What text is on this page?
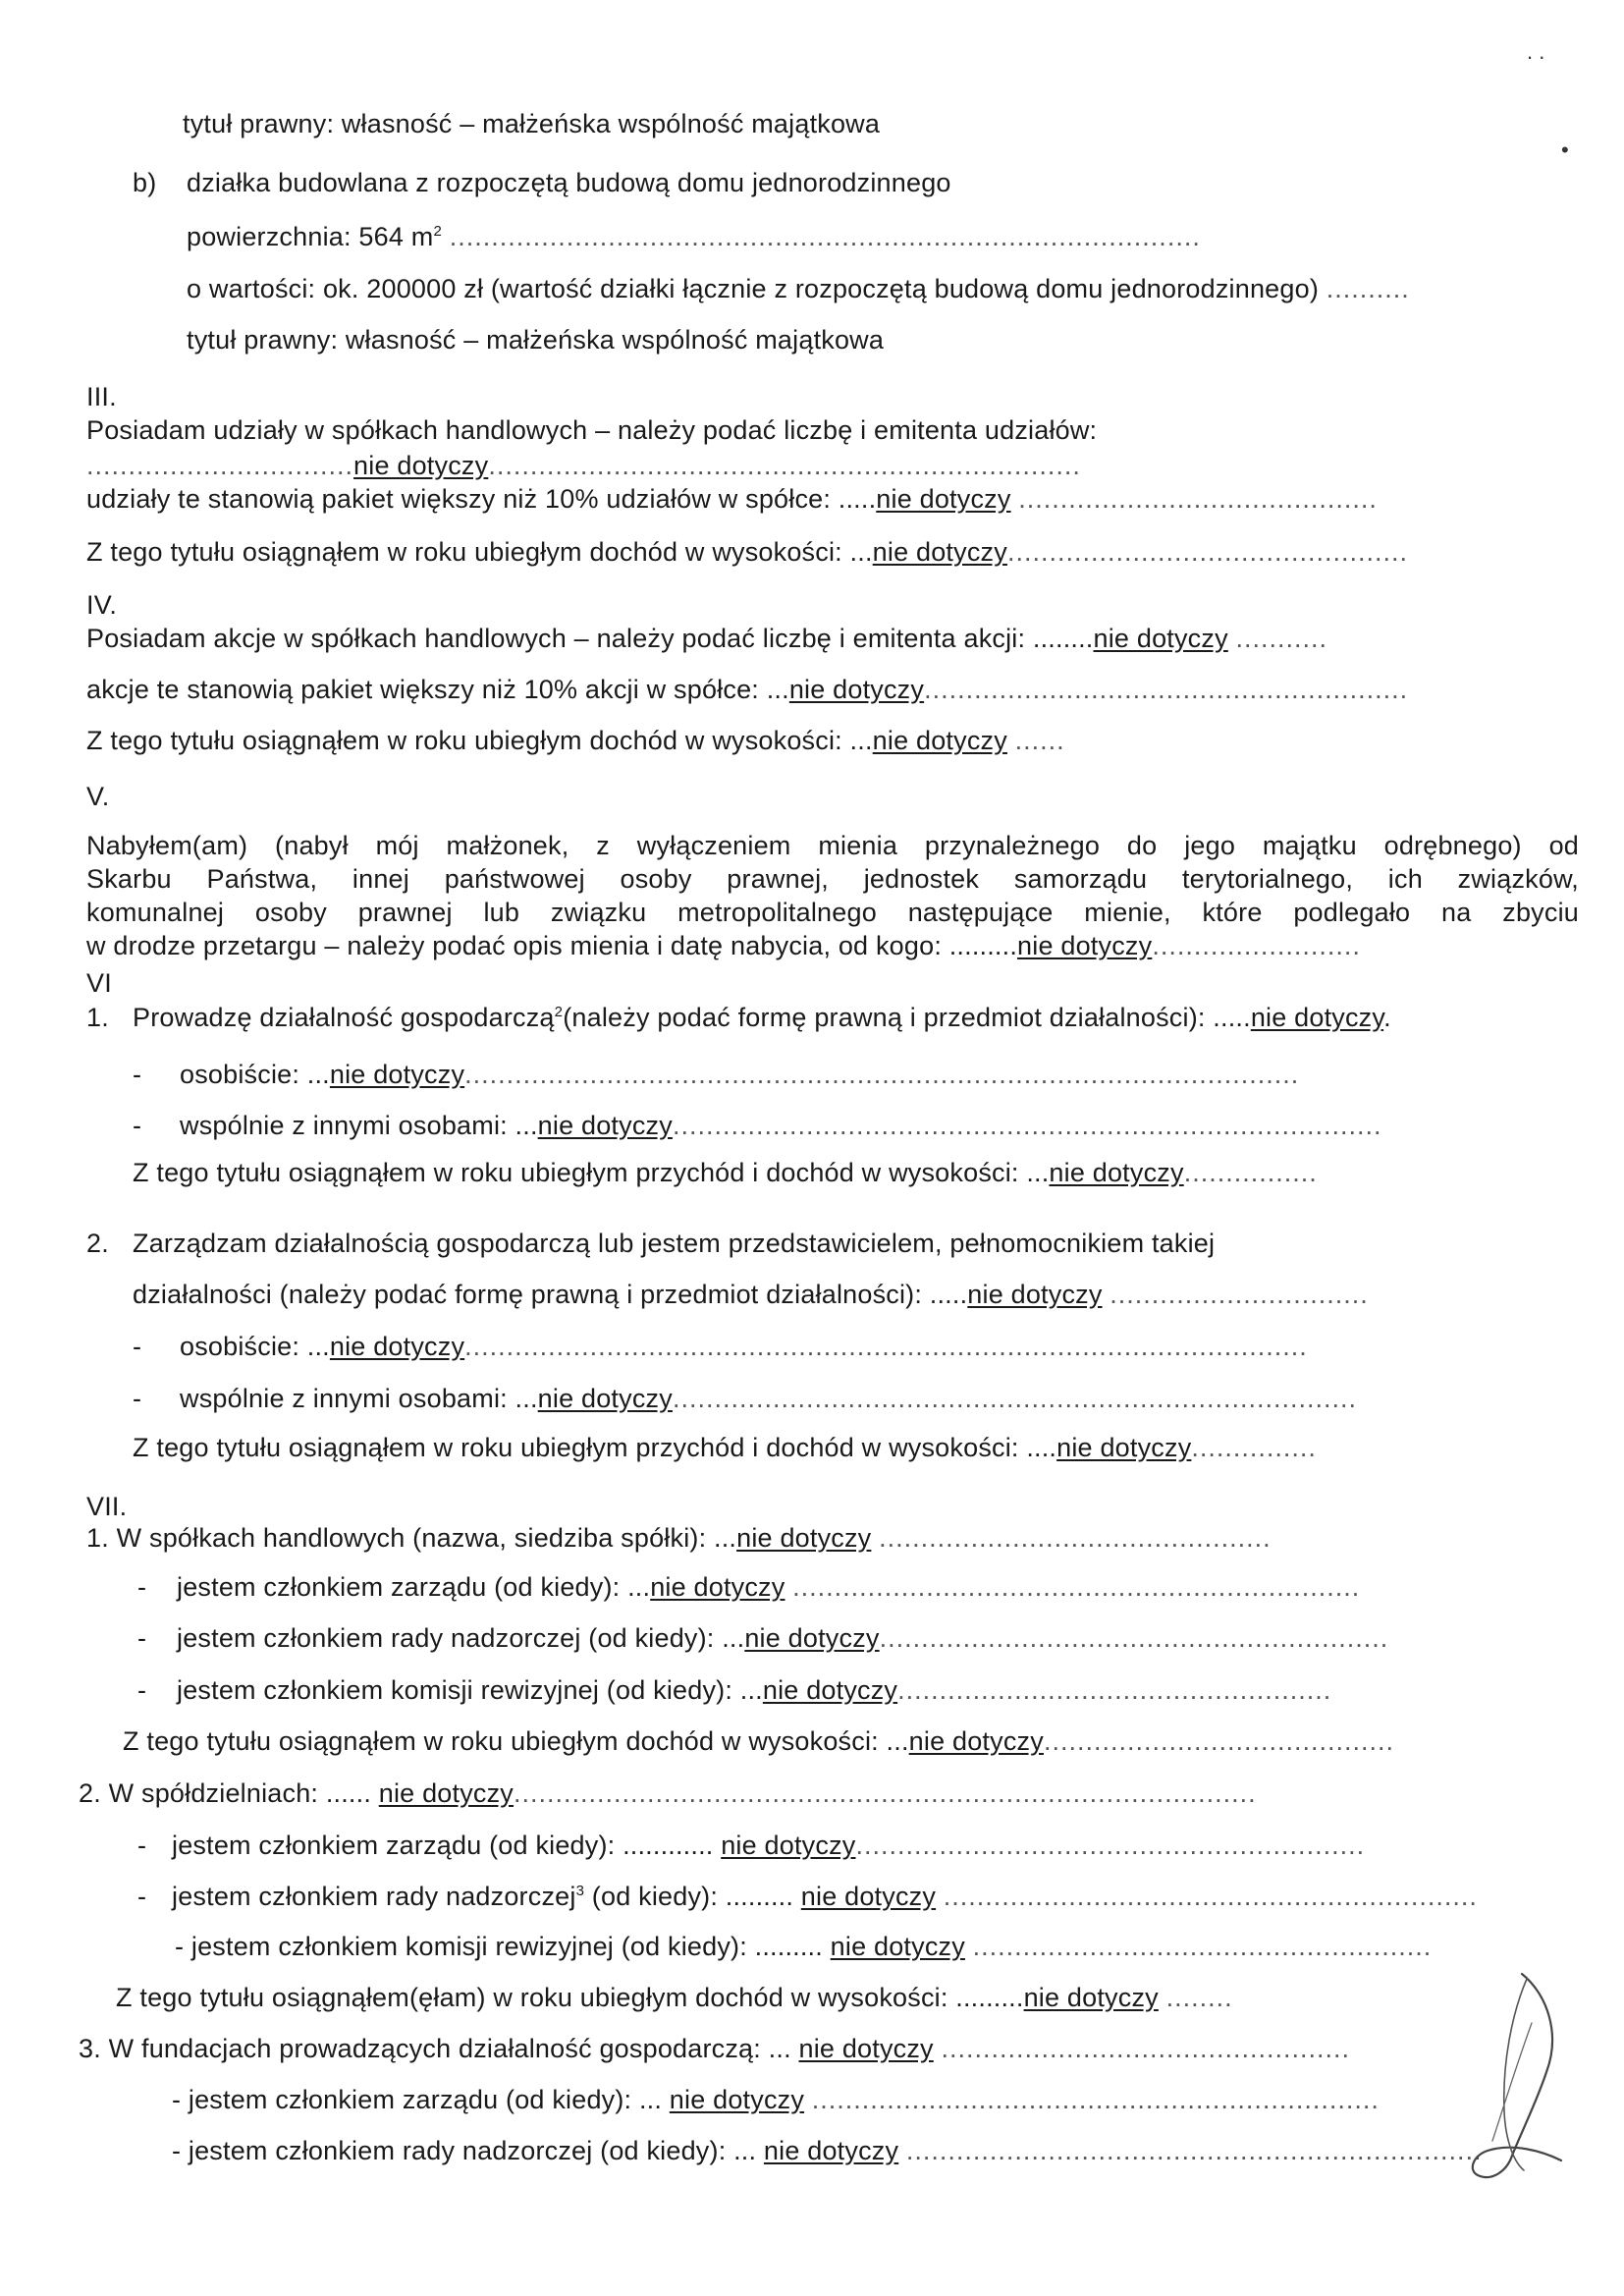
. .
•
tytuł prawny: własność – małżeńska wspólność majątkowa
b) działka budowlana z rozpoczętą budową domu jednorodzinnego
powierzchnia: 564 $m^2$ ..........................................................................................
o wartości: ok. 200000 zł (wartość działki łącznie z rozpoczętą budową domu jednorodzinnego) ..........
tytuł prawny: własność – małżeńska wspólność majątkowa
III.
Posiadam udziały w spółkach handlowych – należy podać liczbę i emitenta udziałów:
................................nie dotyczy.......................................................................
udziały te stanowią pakiet większy niż 10% udziałów w spółce: .....nie dotyczy ...........................................
Z tego tytułu osiągnąłem w roku ubiegłym dochód w wysokości: ...nie dotyczy................................................
IV.
Posiadam akcje w spółkach handlowych – należy podać liczbę i emitenta akcji: ........nie dotyczy ...........
akcje te stanowią pakiet większy niż 10% akcji w spółce: ...nie dotyczy..........................................................
Z tego tytułu osiągnąłem w roku ubiegłym dochód w wysokości: ...nie dotyczy ......
V.
Nabyłem(am) (nabył mój małżonek, z wyłączeniem mienia przynależnego do jego majątku odrębnego) od
Skarbu Państwa, innej państwowej osoby prawnej, jednostek samorządu terytorialnego, ich związków,
komunalnej osoby prawnej lub związku metropolitalnego następujące mienie, które podlegało na zbyciu
w drodze przetargu – należy podać opis mienia i datę nabycia, od kogo: .........nie dotyczy.........................
VI
1. Prowadzę działalność gospodarczą$^2$(należy podać formę prawną i przedmiot działalności): .....nie dotyczy.
- osobiście: ...nie dotyczy....................................................................................................
- wspólnie z innymi osobami: ...nie dotyczy.....................................................................................
Z tego tytułu osiągnąłem w roku ubiegłym przychód i dochód w wysokości: ...nie dotyczy................
2. Zarządzam działalnością gospodarczą lub jestem przedstawicielem, pełnomocnikiem takiej
działalności (należy podać formę prawną i przedmiot działalności): .....nie dotyczy ...............................
- osobiście: ...nie dotyczy.....................................................................................................
- wspólnie z innymi osobami: ...nie dotyczy..................................................................................
Z tego tytułu osiągnąłem w roku ubiegłym przychód i dochód w wysokości: ....nie dotyczy...............
VII.
1. W spółkach handlowych (nazwa, siedziba spółki): ...nie dotyczy ...............................................
- jestem członkiem zarządu (od kiedy): ...nie dotyczy ....................................................................
- jestem członkiem rady nadzorczej (od kiedy): ...nie dotyczy.............................................................
- jestem członkiem komisji rewizyjnej (od kiedy): ...nie dotyczy....................................................
Z tego tytułu osiągnąłem w roku ubiegłym dochód w wysokości: ...nie dotyczy..........................................
2. W spółdzielniach: ...... nie dotyczy.........................................................................................
- jestem członkiem zarządu (od kiedy): ............ nie dotyczy.............................................................
- jestem członkiem rady nadzorczej$^3$ (od kiedy): ......... nie dotyczy ................................................................
- jestem członkiem komisji rewizyjnej (od kiedy): ......... nie dotyczy .......................................................
Z tego tytułu osiągnąłem(ęłam) w roku ubiegłym dochód w wysokości: .........nie dotyczy ........
3. W fundacjach prowadzących działalność gospodarczą: ... nie dotyczy .................................................
- jestem członkiem zarządu (od kiedy): ... nie dotyczy ....................................................................
- jestem członkiem rady nadzorczej (od kiedy): ... nie dotyczy .....................................................................
